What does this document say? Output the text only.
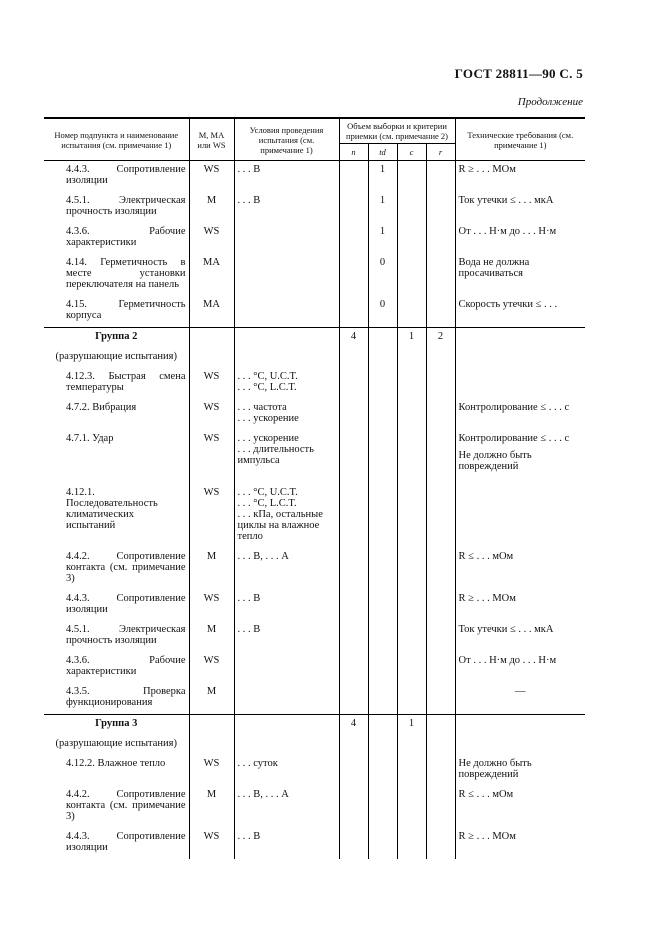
ГОСТ 28811—90 С. 5
Продолжение
Номер подпункта и наименование испытания (см. примечание 1)	M, MA или WS	Условия проведения испытания (см. примечание 1)	Объем выборки и критерии приемки (см. примечание 2)				Технические требования (см. примечание 1)
			n	td	c	r	
4.4.3. Сопротивление изоляции	WS	. . . В		1			R ≥ . . . МОм

4.5.1. Электрическая прочность изоляции	M	. . . В		1			Ток утечки ≤ . . . мкА

4.3.6. Рабочие характеристики	WS			1			От . . . Н·м до . . . Н·м

4.14. Герметичность в месте установки переключателя на панель	MA			0			Вода не должна просачиваться

4.15. Герметичность корпуса	MA			0			Скорость утечки ≤ . . .

Группа 2			4		1	2	
(разрушающие испытания)							
4.12.3. Быстрая смена температуры	WS	. . . °С, U.C.T.
. . . °С, L.C.T.					

4.7.2. Вибрация	WS	. . . частота
. . . ускорение					Контролирование ≤ . . . с

4.7.1. Удар	WS	. . . ускорение
. . . длительность импульса					Контролирование ≤ . . . с
Не должно быть повреждений

4.12.1. Последовательность климатических испытаний	WS	. . . °С, U.C.T.
. . . °С, L.C.T.
. . . кПа, остальные циклы на влажное тепло					

4.4.2. Сопротивление контакта (см. примечание 3)	M	. . . В, . . . А					R ≤ . . . мОм

4.4.3. Сопротивление изоляции	WS	. . . В					R ≥ . . . МОм

4.5.1. Электрическая прочность изоляции	M	. . . В					Ток утечки ≤ . . . мкА

4.3.6. Рабочие характеристики	WS						От . . . Н·м до . . . Н·м

4.3.5. Проверка функционирования	M						—

Группа 3			4		1		
(разрушающие испытания)							
4.12.2. Влажное тепло	WS	. . . суток					Не должно быть повреждений

4.4.2. Сопротивление контакта (см. примечание 3)	M	. . . В, . . . А					R ≤ . . . мОм

4.4.3. Сопротивление изоляции	WS	. . . В					R ≥ . . . МОм
